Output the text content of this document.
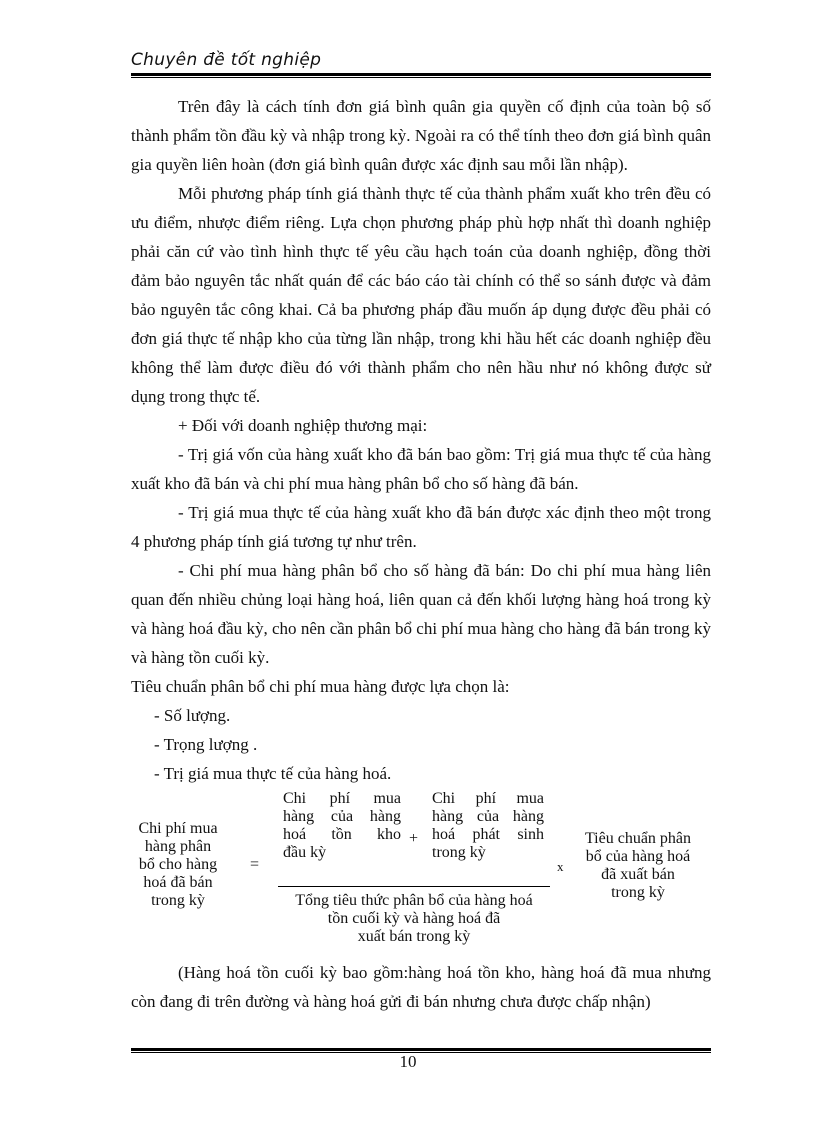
Chuyên đề tốt nghiệp

Trên đây là cách tính đơn giá bình quân gia quyền cố định của toàn bộ số thành phẩm tồn đầu kỳ và nhập trong kỳ. Ngoài ra có thể tính theo đơn giá bình quân gia quyền liên hoàn (đơn giá bình quân được xác định sau mỗi lần nhập).

Mỗi phương pháp tính giá thành thực tế của thành phẩm xuất kho trên đều có ưu điểm, nhược điểm riêng. Lựa chọn phương pháp phù hợp nhất thì doanh nghiệp phải căn cứ vào tình hình thực tế yêu cầu hạch toán của doanh nghiệp, đồng thời đảm bảo nguyên tắc nhất quán để các báo cáo tài chính có thể so sánh được và đảm bảo nguyên tắc công khai. Cả ba phương pháp đầu muốn áp dụng được đều phải có đơn giá thực tế nhập kho của từng lần nhập, trong khi hầu hết các doanh nghiệp đều không thể làm được điều đó với thành phẩm cho nên hầu như nó không được sử dụng trong thực tế.

+ Đối với doanh nghiệp thương mại:

- Trị giá vốn của hàng xuất kho đã bán bao gồm: Trị giá mua thực tế của hàng xuất kho đã bán và chi phí mua hàng phân bổ cho số hàng đã bán.

- Trị giá mua thực tế của hàng xuất kho đã bán được xác định theo một trong 4 phương pháp tính giá tương tự như trên.

- Chi phí mua hàng phân bổ cho số hàng đã bán: Do chi phí mua hàng liên quan đến nhiều chủng loại hàng hoá, liên quan cả đến khối lượng hàng hoá trong kỳ và hàng hoá đầu kỳ, cho nên cần phân bổ chi phí mua hàng cho hàng đã bán trong kỳ và hàng tồn cuối kỳ.

Tiêu chuẩn phân bổ chi phí mua hàng được lựa chọn là:

- Số lượng.

- Trọng lượng .

- Trị giá mua thực tế của hàng hoá.

Chi phí mua
hàng phân
bổ cho hàng
hoá đã bán
trong kỳ
=
Chi phí mua
hàng của hàng
hoá tồn kho
đầu kỳ
+
Chi phí mua
hàng của hàng
hoá phát sinh
trong kỳ
Tổng tiêu thức phân bổ của hàng hoá
tồn cuối kỳ và hàng hoá đã
xuất bán trong kỳ
x
Tiêu chuẩn phân
bổ của hàng hoá
đã xuất bán
trong kỳ

(Hàng hoá tồn cuối kỳ bao gồm:hàng hoá tồn kho, hàng hoá đã mua nhưng còn đang đi trên đường và hàng hoá gửi đi bán nhưng chưa được chấp nhận)

10
